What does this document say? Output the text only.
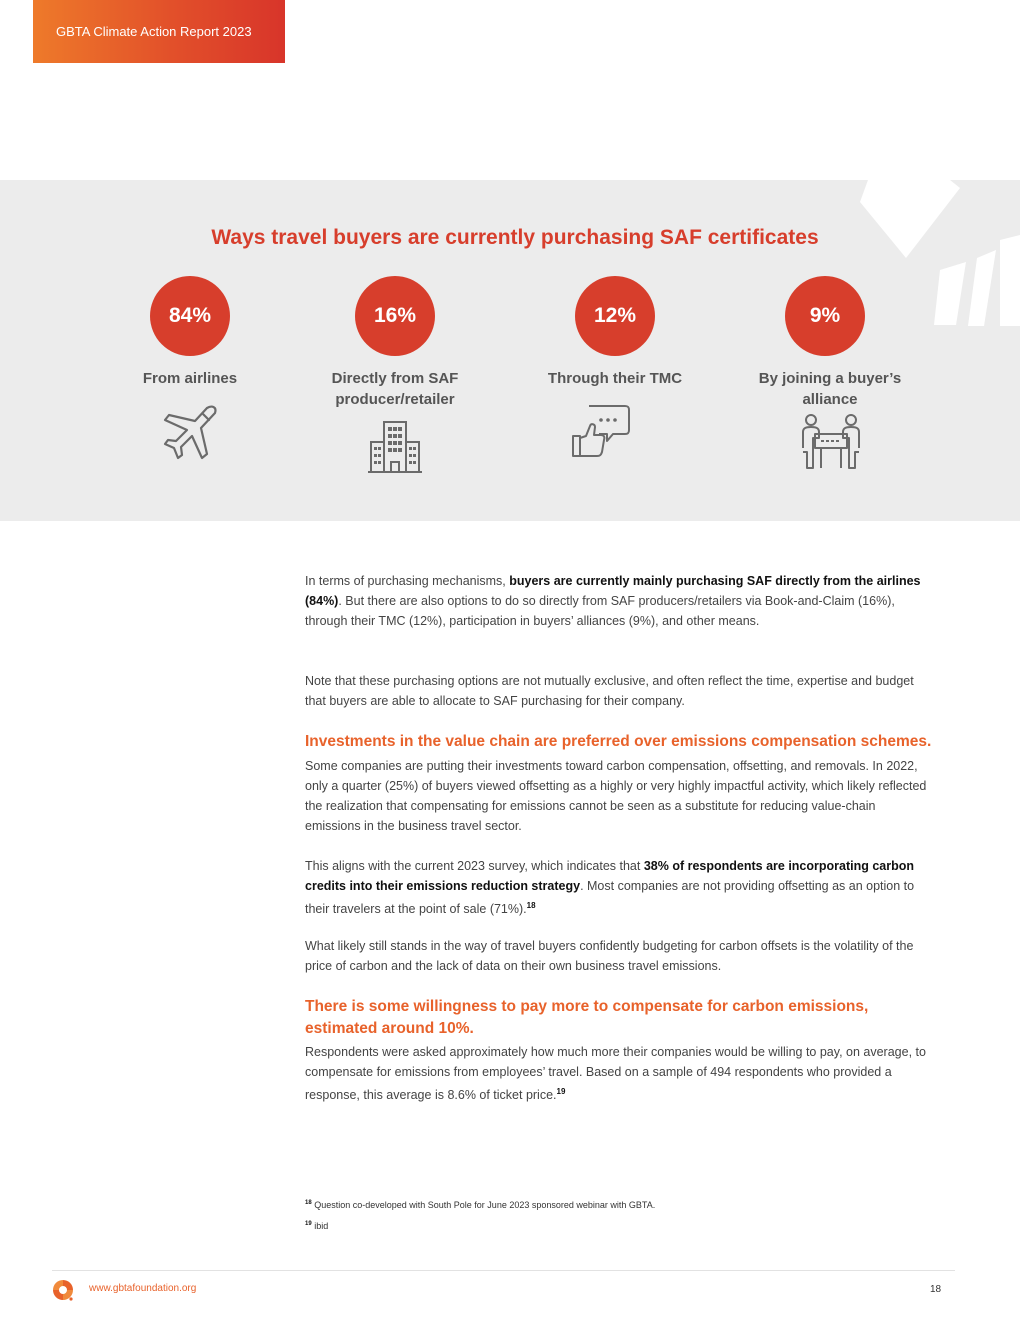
GBTA Climate Action Report 2023
Ways travel buyers are currently purchasing SAF certificates
84%
From airlines
16%
Directly from SAF producer/retailer
12%
Through their TMC
9%
By joining a buyer’s alliance

In terms of purchasing mechanisms, buyers are currently mainly purchasing SAF directly from the airlines (84%). But there are also options to do so directly from SAF producers/retailers via Book-and-Claim (16%), through their TMC (12%), participation in buyers’ alliances (9%), and other means.

Note that these purchasing options are not mutually exclusive, and often reflect the time, expertise and budget that buyers are able to allocate to SAF purchasing for their company.

Investments in the value chain are preferred over emissions compensation schemes.

Some companies are putting their investments toward carbon compensation, offsetting, and removals. In 2022, only a quarter (25%) of buyers viewed offsetting as a highly or very highly impactful activity, which likely reflected the realization that compensating for emissions cannot be seen as a substitute for reducing value-chain emissions in the business travel sector.

This aligns with the current 2023 survey, which indicates that 38% of respondents are incorporating carbon credits into their emissions reduction strategy. Most companies are not providing offsetting as an option to their travelers at the point of sale (71%).$^{18}$

What likely still stands in the way of travel buyers confidently budgeting for carbon offsets is the volatility of the price of carbon and the lack of data on their own business travel emissions.

There is some willingness to pay more to compensate for carbon emissions, estimated around 10%.

Respondents were asked approximately how much more their companies would be willing to pay, on average, to compensate for emissions from employees’ travel. Based on a sample of 494 respondents who provided a response, this average is 8.6% of ticket price.$^{19}$

$^{18}$ Question co-developed with South Pole for June 2023 sponsored webinar with GBTA.
$^{19}$ ibid
www.gbtafoundation.org	18
